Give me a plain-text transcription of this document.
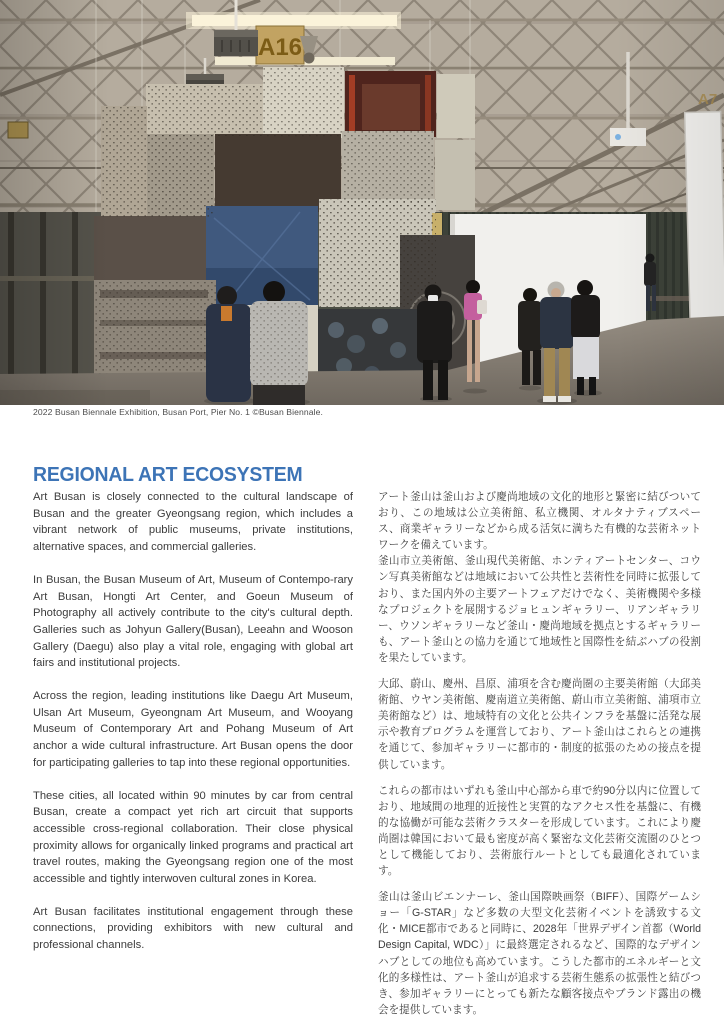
2022 Busan Biennale Exhibition, Busan Port, Pier No. 1 ©Busan Biennale.
REGIONAL ART ECOSYSTEM

Art Busan is closely connected to the cultural landscape of Busan and the greater Gyeongsang region, which includes a vibrant network of public museums, private institutions, alternative spaces, and commercial galleries.

In Busan, the Busan Museum of Art, Museum of Contempo-rary Art Busan, Hongti Art Center, and Goeun Museum of Photography all actively contribute to the city's cultural depth. Galleries such as Johyun Gallery(Busan), Leeahn and Wooson Gallery (Daegu) also play a vital role, engaging with global art fairs and institutional projects.

Across the region, leading institutions like Daegu Art Museum, Ulsan Art Museum, Gyeongnam Art Museum, and Wooyang Museum of Contemporary Art and Pohang Museum of Art anchor a wide cultural infrastructure. Art Busan opens the door for participating galleries to tap into these regional opportunities.

These cities, all located within 90 minutes by car from central Busan, create a compact yet rich art circuit that supports accessible cross-regional collaboration. Their close physical proximity allows for organically linked programs and practical art travel routes, making the Gyeongsang region one of the most accessible and tightly interwoven cultural zones in Korea.

Art Busan facilitates institutional engagement through these connections, providing exhibitors with new cultural and professional channels.

アート釜山は釜山および慶尚地域の文化的地形と緊密に結びついており、この地域は公立美術館、私立機関、オルタナティブスペース、商業ギャラリーなどから成る活気に満ちた有機的な芸術ネットワークを備えています。

釜山市立美術館、釜山現代美術館、ホンティアートセンター、コウン写真美術館などは地域において公共性と芸術性を同時に拡張しており、また国内外の主要アートフェアだけでなく、美術機関や多様なプロジェクトを展開するジョヒュンギャラリー、リアンギャラリー、ウソンギャラリーなど釜山・慶尚地域を拠点とするギャラリーも、アート釜山との協力を通じて地域性と国際性を結ぶハブの役割を果たしています。

大邱、蔚山、慶州、昌原、浦項を含む慶尚圏の主要美術館（大邱美術館、ウヤン美術館、慶南道立美術館、蔚山市立美術館、浦項市立美術館など）は、地域特有の文化と公共インフラを基盤に活発な展示や教育プログラムを運営しており、アート釜山はこれらとの連携を通じて、参加ギャラリーに都市的・制度的拡張のための接点を提供しています。

これらの都市はいずれも釜山中心部から車で約90分以内に位置しており、地域間の地理的近接性と実質的なアクセス性を基盤に、有機的な協働が可能な芸術クラスターを形成しています。これにより慶尚圏は韓国において最も密度が高く緊密な文化芸術交流圏のひとつとして機能しており、芸術旅行ルートとしても最適化されています。

釜山は釜山ビエンナーレ、釜山国際映画祭（BIFF）、国際ゲームショー「G-STAR」など多数の大型文化芸術イベントを誘致する文化・MICE都市であると同時に、2028年「世界デザイン首都（World Design Capital, WDC）」に最終選定されるなど、国際的なデザインハブとしての地位も高めています。こうした都市的エネルギーと文化的多様性は、アート釜山が追求する芸術生態系の拡張性と結びつき、参加ギャラリーにとっても新たな顧客接点やブランド露出の機会を提供しています。
